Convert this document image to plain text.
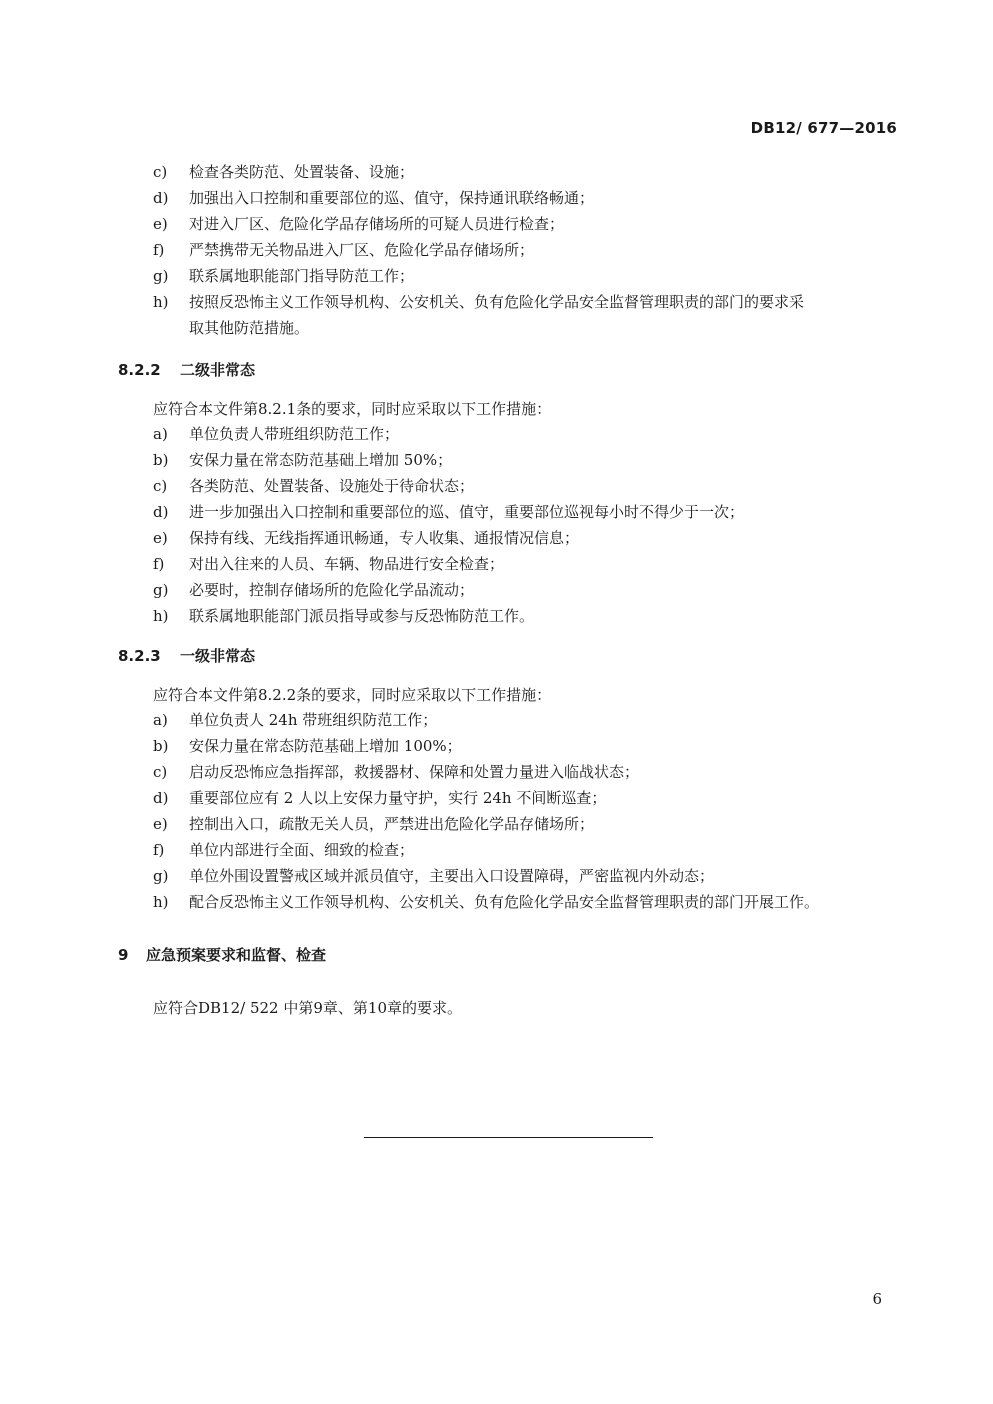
DB12/ 677—2016
c) 检查各类防范、处置装备、设施；
d) 加强出入口控制和重要部位的巡、值守，保持通讯联络畅通；
e) 对进入厂区、危险化学品存储场所的可疑人员进行检查；
f) 严禁携带无关物品进入厂区、危险化学品存储场所；
g) 联系属地职能部门指导防范工作；
h) 按照反恐怖主义工作领导机构、公安机关、负有危险化学品安全监督管理职责的部门的要求采
取其他防范措施。
8.2.2 二级非常态
应符合本文件第8.2.1条的要求，同时应采取以下工作措施：
a) 单位负责人带班组织防范工作；
b) 安保力量在常态防范基础上增加 50%；
c) 各类防范、处置装备、设施处于待命状态；
d) 进一步加强出入口控制和重要部位的巡、值守，重要部位巡视每小时不得少于一次；
e) 保持有线、无线指挥通讯畅通，专人收集、通报情况信息；
f) 对出入往来的人员、车辆、物品进行安全检查；
g) 必要时，控制存储场所的危险化学品流动；
h) 联系属地职能部门派员指导或参与反恐怖防范工作。
8.2.3 一级非常态
应符合本文件第8.2.2条的要求，同时应采取以下工作措施：
a) 单位负责人 24h 带班组织防范工作；
b) 安保力量在常态防范基础上增加 100%；
c) 启动反恐怖应急指挥部，救援器材、保障和处置力量进入临战状态；
d) 重要部位应有 2 人以上安保力量守护，实行 24h 不间断巡查；
e) 控制出入口，疏散无关人员，严禁进出危险化学品存储场所；
f) 单位内部进行全面、细致的检查；
g) 单位外围设置警戒区域并派员值守，主要出入口设置障碍，严密监视内外动态；
h) 配合反恐怖主义工作领导机构、公安机关、负有危险化学品安全监督管理职责的部门开展工作。
9 应急预案要求和监督、检查
应符合DB12/ 522 中第9章、第10章的要求。
6
